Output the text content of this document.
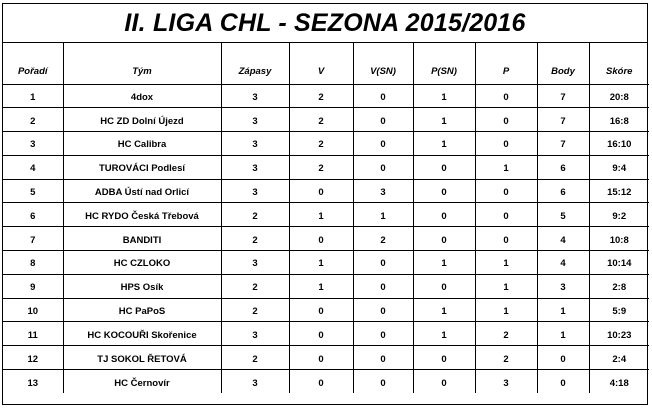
II. LIGA CHL - SEZONA 2015/2016
Pořadí	Tým	Zápasy	V	V(SN)	P(SN)	P	Body	Skóre
1	4dox	3	2	0	1	0	7	20:8
2	HC ZD Dolní Újezd	3	2	0	1	0	7	16:8
3	HC Calibra	3	2	0	1	0	7	16:10
4	TUROVÁCI Podlesí	3	2	0	0	1	6	9:4
5	ADBA Ústí nad Orlicí	3	0	3	0	0	6	15:12
6	HC RYDO Česká Třebová	2	1	1	0	0	5	9:2
7	BANDITI	2	0	2	0	0	4	10:8
8	HC CZLOKO	3	1	0	1	1	4	10:14
9	HPS Osík	2	1	0	0	1	3	2:8
10	HC PaPoS	2	0	0	1	1	1	5:9
11	HC KOCOUŘI Skořenice	3	0	0	1	2	1	10:23
12	TJ SOKOL ŘETOVÁ	2	0	0	0	2	0	2:4
13	HC Černovír	3	0	0	0	3	0	4:18
